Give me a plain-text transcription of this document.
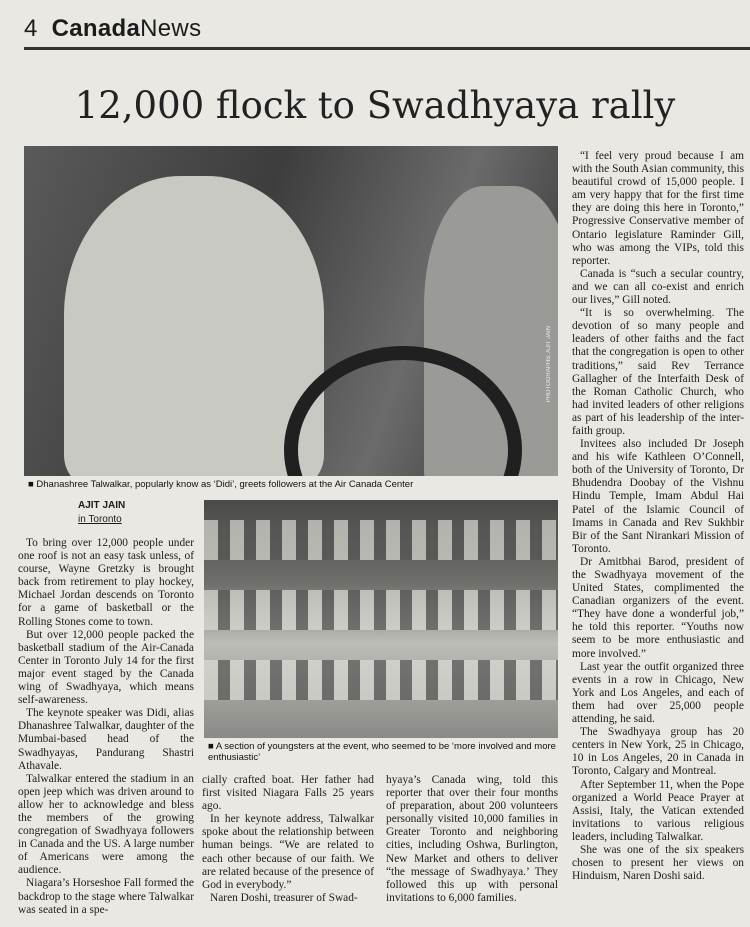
4 CanadaNews
12,000 flock to Swadhyaya rally
PHOTOGRAPHS: AJIT JAIN
■ Dhanashree Talwalkar, popularly know as ‘Didi’, greets followers at the Air Canada Center
AJIT JAIN
in Toronto
■ A section of youngsters at the event, who seemed to be ‘more involved and more enthusiastic’

To bring over 12,000 people under one roof is not an easy task unless, of course, Wayne Gretzky is brought back from retirement to play hockey, Michael Jordan descends on Toronto for a game of basketball or the Rolling Stones come to town.

But over 12,000 people packed the basketball stadium of the Air-Canada Center in Toronto July 14 for the first major event staged by the Canada wing of Swadhyaya, which means self-awareness.

The keynote speaker was Didi, alias Dhanashree Talwalkar, daughter of the Mumbai-based head of the Swadhyayas, Pandurang Shastri Athavale.

Talwalkar entered the stadium in an open jeep which was driven around to allow her to acknowledge and bless the members of the growing congregation of Swadhyaya followers in Canada and the US. A large number of Americans were among the audience.

Niagara’s Horseshoe Fall formed the backdrop to the stage where Talwalkar was seated in a spe-

cially crafted boat. Her father had first visited Niagara Falls 25 years ago.

In her keynote address, Talwalkar spoke about the relationship between human beings. “We are related to each other because of our faith. We are related because of the presence of God in everybody.”

Naren Doshi, treasurer of Swad-

hyaya’s Canada wing, told this reporter that over their four months of preparation, about 200 volunteers personally visited 10,000 families in Greater Toronto and neighboring cities, including Oshwa, Burlington, New Market and others to deliver “the message of Swadhyaya.’ They followed this up with personal invitations to 6,000 families.

“I feel very proud because I am with the South Asian community, this beautiful crowd of 15,000 people. I am very happy that for the first time they are doing this here in Toronto,” Progressive Conservative member of Ontario legislature Raminder Gill, who was among the VIPs, told this reporter.

Canada is “such a secular country, and we can all co-exist and enrich our lives,” Gill noted.

“It is so overwhelming. The devotion of so many people and leaders of other faiths and the fact that the congregation is open to other traditions,” said Rev Terrance Gallagher of the Interfaith Desk of the Roman Catholic Church, who had invited leaders of other religions as part of his leadership of the inter-faith group.

Invitees also included Dr Joseph and his wife Kathleen O’Connell, both of the University of Toronto, Dr Bhudendra Doobay of the Vishnu Hindu Temple, Imam Abdul Hai Patel of the Islamic Council of Imams in Canada and Rev Sukhbir Bir of the Sant Nirankari Mission of Toronto.

Dr Amitbhai Barod, president of the Swadhyaya movement of the United States, complimented the Canadian organizers of the event. “They have done a wonderful job,” he told this reporter. “Youths now seem to be more enthusiastic and more involved.”

Last year the outfit organized three events in a row in Chicago, New York and Los Angeles, and each of them had over 25,000 people attending, he said.

The Swadhyaya group has 20 centers in New York, 25 in Chicago, 10 in Los Angeles, 20 in Canada in Toronto, Calgary and Montreal.

After September 11, when the Pope organized a World Peace Prayer at Assisi, Italy, the Vatican extended invitations to various religious leaders, including Talwalkar.

She was one of the six speakers chosen to present her views on Hinduism, Naren Doshi said.
